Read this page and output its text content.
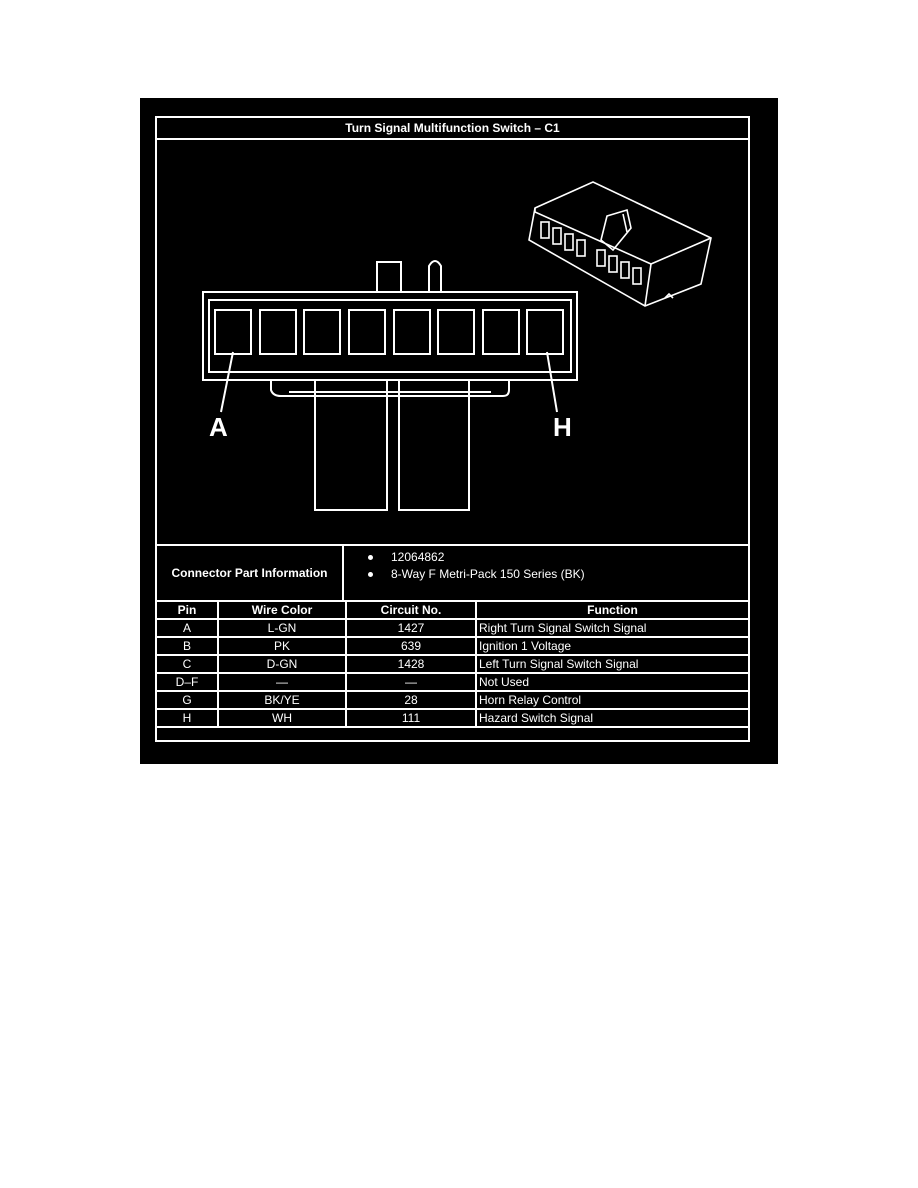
Turn Signal Multifunction Switch – C1
A	H
Connector Part Information
12064862
8-Way F Metri-Pack 150 Series (BK)
Pin	Wire Color	Circuit No.	Function
A	L-GN	1427	Right Turn Signal Switch Signal
B	PK	639	Ignition 1 Voltage
C	D-GN	1428	Left Turn Signal Switch Signal
D–F	—	—	Not Used
G	BK/YE	28	Horn Relay Control
H	WH	111	Hazard Switch Signal
